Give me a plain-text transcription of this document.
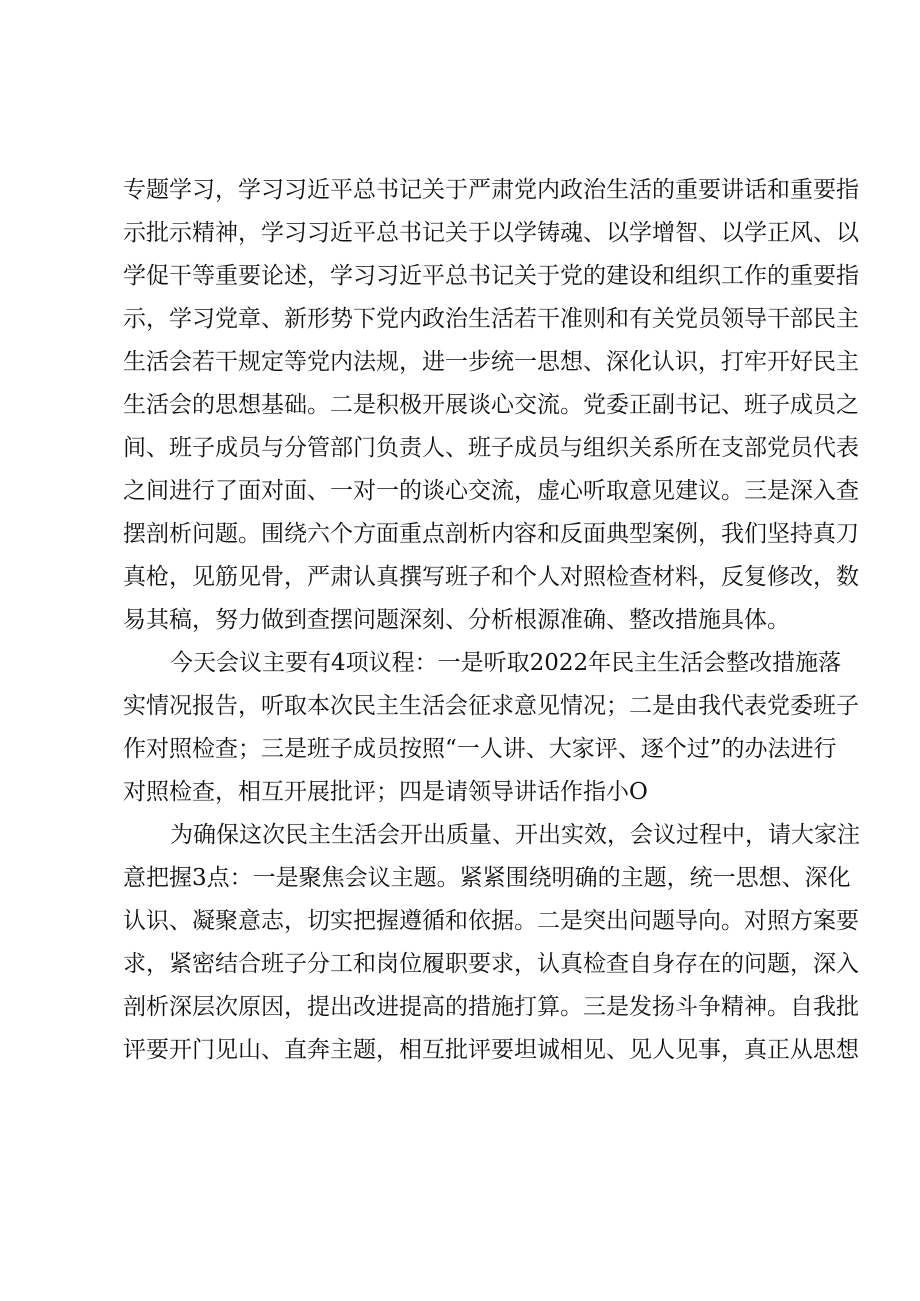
专题学习，学习习近平总书记关于严肃党内政治生活的重要讲话和重要指
示批示精神，学习习近平总书记关于以学铸魂、以学增智、以学正风、以
学促干等重要论述，学习习近平总书记关于党的建设和组织工作的重要指
示，学习党章、新形势下党内政治生活若干准则和有关党员领导干部民主
生活会若干规定等党内法规，进一步统一思想、深化认识，打牢开好民主
生活会的思想基础。二是积极开展谈心交流。党委正副书记、班子成员之
间、班子成员与分管部门负责人、班子成员与组织关系所在支部党员代表
之间进行了面对面、一对一的谈心交流，虚心听取意见建议。三是深入查
摆剖析问题。围绕六个方面重点剖析内容和反面典型案例，我们坚持真刀
真枪，见筋见骨，严肃认真撰写班子和个人对照检查材料，反复修改，数
易其稿，努力做到查摆问题深刻、分析根源准确、整改措施具体。
今天会议主要有4项议程：一是听取2022年民主生活会整改措施落
实情况报告，听取本次民主生活会征求意见情况；二是由我代表党委班子
作对照检查；三是班子成员按照“一人讲、大家评、逐个过”的办法进行
对照检查，相互开展批评；四是请领导讲话作指小O
为确保这次民主生活会开出质量、开出实效，会议过程中，请大家注
意把握3点：一是聚焦会议主题。紧紧围绕明确的主题，统一思想、深化
认识、凝聚意志，切实把握遵循和依据。二是突出问题导向。对照方案要
求，紧密结合班子分工和岗位履职要求，认真检查自身存在的问题，深入
剖析深层次原因，提出改进提高的措施打算。三是发扬斗争精神。自我批
评要开门见山、直奔主题，相互批评要坦诚相见、见人见事，真正从思想
